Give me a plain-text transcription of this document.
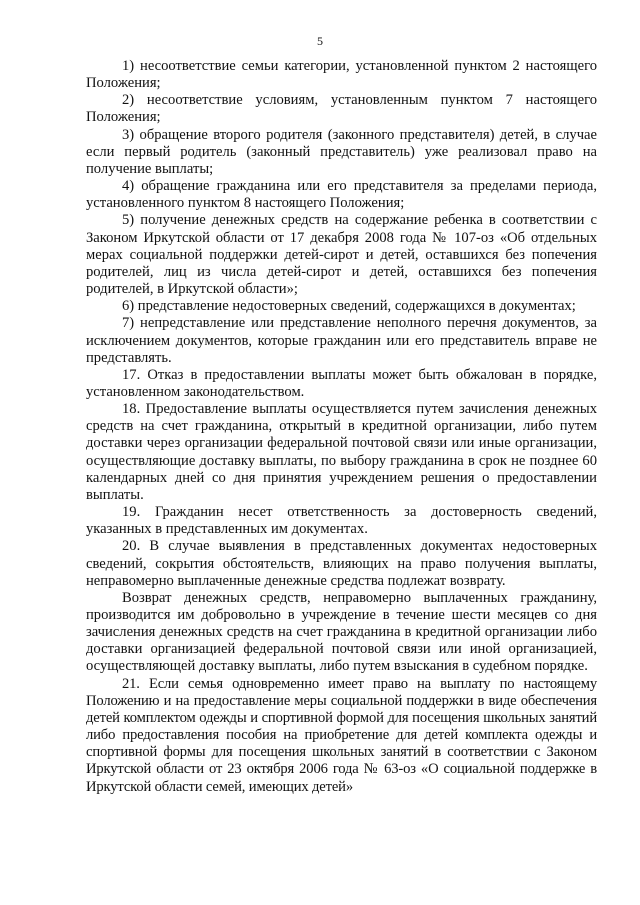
5

1) несоответствие семьи категории, установленной пунктом 2 настоящего Положения;

2) несоответствие условиям, установленным пунктом 7 настоящего Положения;

3) обращение второго родителя (законного представителя) детей, в случае если первый родитель (законный представитель) уже реализовал право на получение выплаты;

4) обращение гражданина или его представителя за пределами периода, установленного пунктом 8 настоящего Положения;

5) получение денежных средств на содержание ребенка в соответствии с Законом Иркутской области от 17 декабря 2008 года № 107-оз «Об отдельных мерах социальной поддержки детей-сирот и детей, оставшихся без попечения родителей, лиц из числа детей-сирот и детей, оставшихся без попечения родителей, в Иркутской области»;

6) представление недостоверных сведений, содержащихся в документах;

7) непредставление или представление неполного перечня документов, за исключением документов, которые гражданин или его представитель вправе не представлять.

17. Отказ в предоставлении выплаты может быть обжалован в порядке, установленном законодательством.

18. Предоставление выплаты осуществляется путем зачисления денежных средств на счет гражданина, открытый в кредитной организации, либо путем доставки через организации федеральной почтовой связи или иные организации, осуществляющие доставку выплаты, по выбору гражданина в срок не позднее 60 календарных дней со дня принятия учреждением решения о предоставлении выплаты.

19. Гражданин несет ответственность за достоверность сведений, указанных в представленных им документах.

20. В случае выявления в представленных документах недостоверных сведений, сокрытия обстоятельств, влияющих на право получения выплаты, неправомерно выплаченные денежные средства подлежат возврату.

Возврат денежных средств, неправомерно выплаченных гражданину, производится им добровольно в учреждение в течение шести месяцев со дня зачисления денежных средств на счет гражданина в кредитной организации либо доставки организацией федеральной почтовой связи или иной организацией, осуществляющей доставку выплаты, либо путем взыскания в судебном порядке.

21. Если семья одновременно имеет право на выплату по настоящему Положению и на предоставление меры социальной поддержки в виде обеспечения детей комплектом одежды и спортивной формой для посещения школьных занятий либо предоставления пособия на приобретение для детей комплекта одежды и спортивной формы для посещения школьных занятий в соответствии с Законом Иркутской области от 23 октября 2006 года № 63-оз «О социальной поддержке в Иркутской области семей, имеющих детей»
